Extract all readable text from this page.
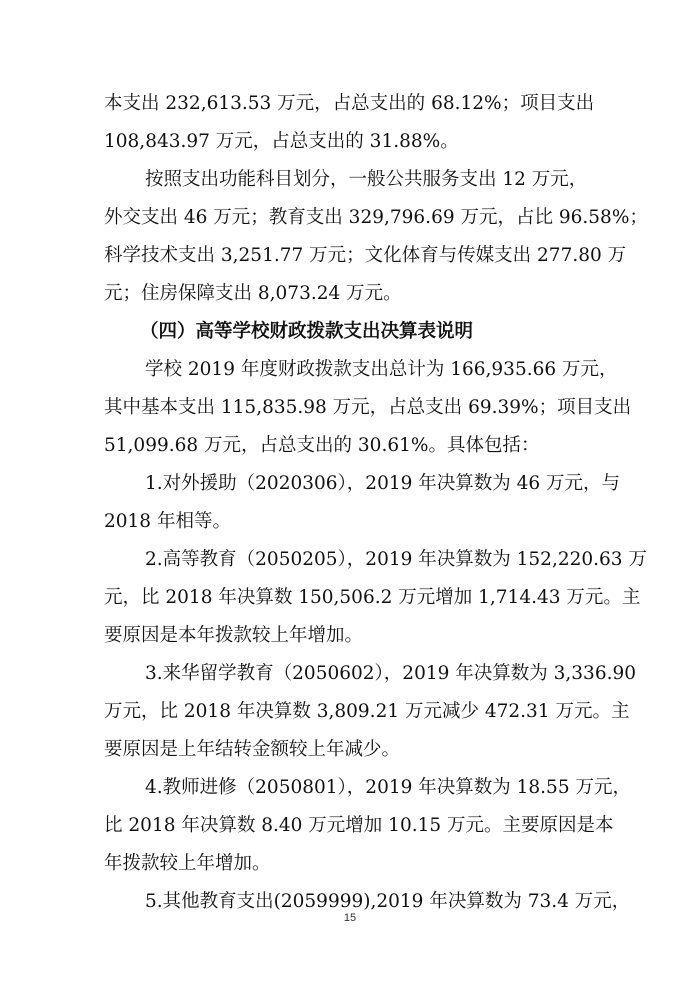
本支出 232,613.53 万元，占总支出的 68.12%；项目支出
108,843.97 万元，占总支出的 31.88%。
按照支出功能科目划分，一般公共服务支出 12 万元，
外交支出 46 万元；教育支出 329,796.69 万元，占比 96.58%；
科学技术支出 3,251.77 万元；文化体育与传媒支出 277.80 万
元；住房保障支出 8,073.24 万元。
（四）高等学校财政拨款支出决算表说明
学校 2019 年度财政拨款支出总计为 166,935.66 万元，
其中基本支出 115,835.98 万元，占总支出 69.39%；项目支出
51,099.68 万元，占总支出的 30.61%。具体包括：
1.对外援助（2020306），2019 年决算数为 46 万元，与
2018 年相等。
2.高等教育（2050205），2019 年决算数为 152,220.63 万
元，比 2018 年决算数 150,506.2 万元增加 1,714.43 万元。主
要原因是本年拨款较上年增加。
3.来华留学教育（2050602），2019 年决算数为 3,336.90
万元，比 2018 年决算数 3,809.21 万元减少 472.31 万元。主
要原因是上年结转金额较上年减少。
4.教师进修（2050801），2019 年决算数为 18.55 万元，
比 2018 年决算数 8.40 万元增加 10.15 万元。主要原因是本
年拨款较上年增加。
5.其他教育支出(2059999),2019 年决算数为 73.4 万元，
15
